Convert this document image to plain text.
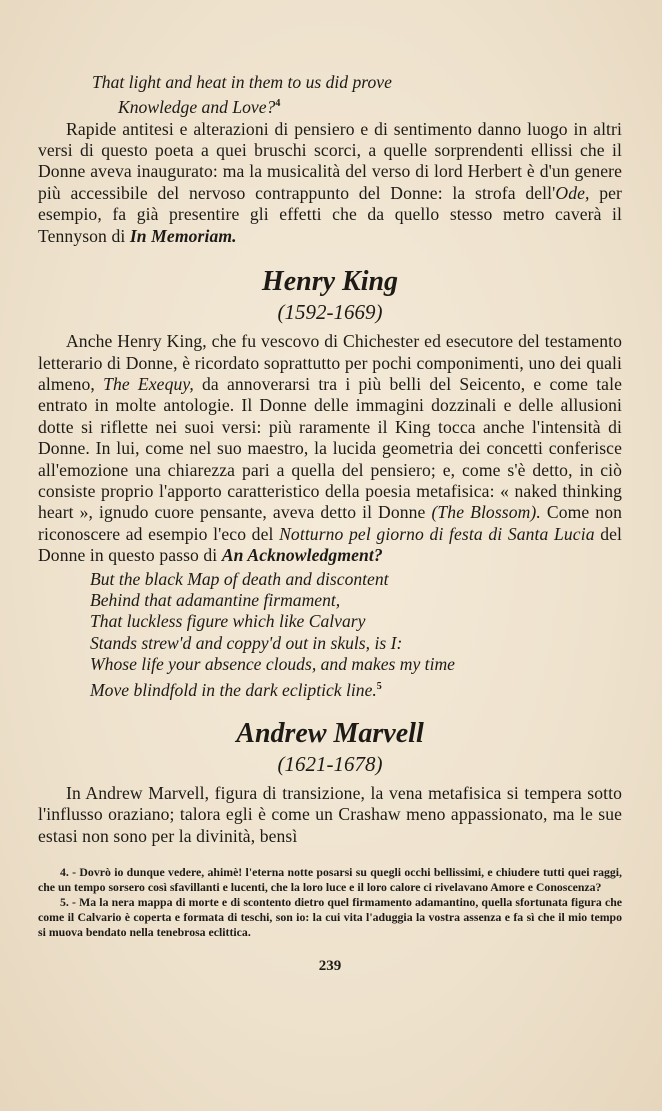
That light and heat in them to us did prove
Knowledge and Love?$^4$

Rapide antitesi e alterazioni di pensiero e di sentimento danno luogo in altri versi di questo poeta a quei bruschi scorci, a quelle sorprendenti ellissi che il Donne aveva inaugurato: ma la musicalità del verso di lord Herbert è d'un genere più accessibile del nervoso contrappunto del Donne: la strofa dell'Ode, per esempio, fa già presentire gli effetti che da quello stesso metro caverà il Tennyson di In Memoriam.

Henry King
(1592-1669)

Anche Henry King, che fu vescovo di Chichester ed esecutore del testamento letterario di Donne, è ricordato soprattutto per pochi componimenti, uno dei quali almeno, The Exequy, da annoverarsi tra i più belli del Seicento, e come tale entrato in molte antologie. Il Donne delle immagini dozzinali e delle allusioni dotte si riflette nei suoi versi: più raramente il King tocca anche l'intensità di Donne. In lui, come nel suo maestro, la lucida geometria dei concetti conferisce all'emozione una chiarezza pari a quella del pensiero; e, come s'è detto, in ciò consiste proprio l'apporto caratteristico della poesia metafisica: « naked thinking heart », ignudo cuore pensante, aveva detto il Donne (The Blossom). Come non riconoscere ad esempio l'eco del Notturno pel giorno di festa di Santa Lucia del Donne in questo passo di An Acknowledgment?

But the black Map of death and discontent
Behind that adamantine firmament,
That luckless figure which like Calvary
Stands strew'd and coppy'd out in skuls, is I:
Whose life your absence clouds, and makes my time
Move blindfold in the dark ecliptick line.$^5$
Andrew Marvell
(1621-1678)

In Andrew Marvell, figura di transizione, la vena metafisica si tempera sotto l'influsso oraziano; talora egli è come un Crashaw meno appassionato, ma le sue estasi non sono per la divinità, bensì

4. - Dovrò io dunque vedere, ahimè! l'eterna notte posarsi su quegli occhi bellissimi, e chiudere tutti quei raggi, che un tempo sorsero così sfavillanti e lucenti, che la loro luce e il loro calore ci rivelavano Amore e Conoscenza?

5. - Ma la nera mappa di morte e di scontento dietro quel firmamento adamantino, quella sfortunata figura che come il Calvario è coperta e formata di teschi, son io: la cui vita l'aduggia la vostra assenza e fa sì che il mio tempo si muova bendato nella tenebrosa eclittica.

239
